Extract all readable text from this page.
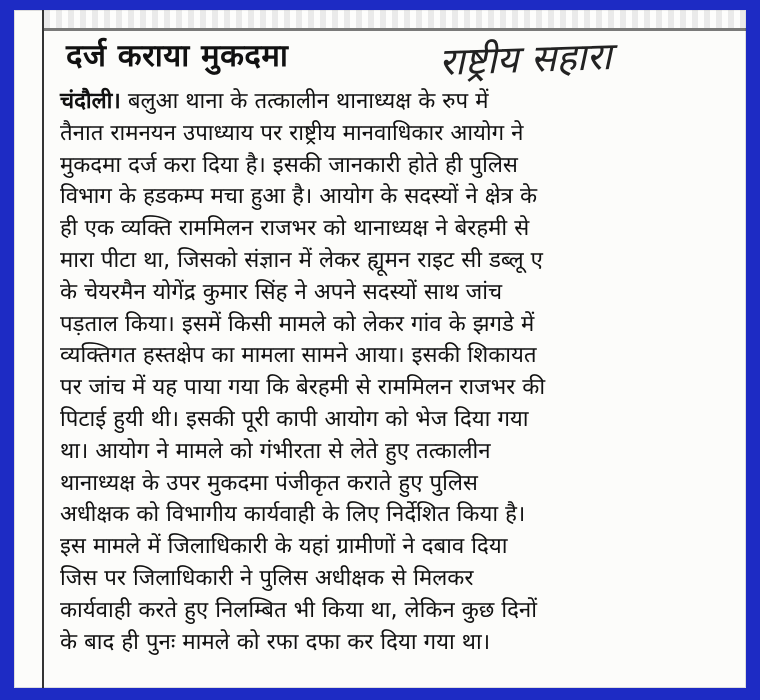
दर्ज कराया मुकदमा	राष्ट्रीय सहारा
चंदौली। बलुआ थाना के तत्कालीन थानाध्यक्ष के रुप में
तैनात रामनयन उपाध्याय पर राष्ट्रीय मानवाधिकार आयोग ने
मुकदमा दर्ज करा दिया है। इसकी जानकारी होते ही पुलिस
विभाग के हडकम्प मचा हुआ है। आयोग के सदस्यों ने क्षेत्र के
ही एक व्यक्ति राममिलन राजभर को थानाध्यक्ष ने बेरहमी से
मारा पीटा था, जिसको संज्ञान में लेकर ह्यूमन राइट सी डब्लू ए
के चेयरमैन योगेंद्र कुमार सिंह ने अपने सदस्यों साथ जांच
पड़ताल किया। इसमें किसी मामले को लेकर गांव के झगडे में
व्यक्तिगत हस्तक्षेप का मामला सामने आया। इसकी शिकायत
पर जांच में यह पाया गया कि बेरहमी से राममिलन राजभर की
पिटाई हुयी थी। इसकी पूरी कापी आयोग को भेज दिया गया
था। आयोग ने मामले को गंभीरता से लेते हुए तत्कालीन
थानाध्यक्ष के उपर मुकदमा पंजीकृत कराते हुए पुलिस
अधीक्षक को विभागीय कार्यवाही के लिए निर्देशित किया है।
इस मामले में जिलाधिकारी के यहां ग्रामीणों ने दबाव दिया
जिस पर जिलाधिकारी ने पुलिस अधीक्षक से मिलकर
कार्यवाही करते हुए निलम्बित भी किया था, लेकिन कुछ दिनों
के बाद ही पुनः मामले को रफा दफा कर दिया गया था।
